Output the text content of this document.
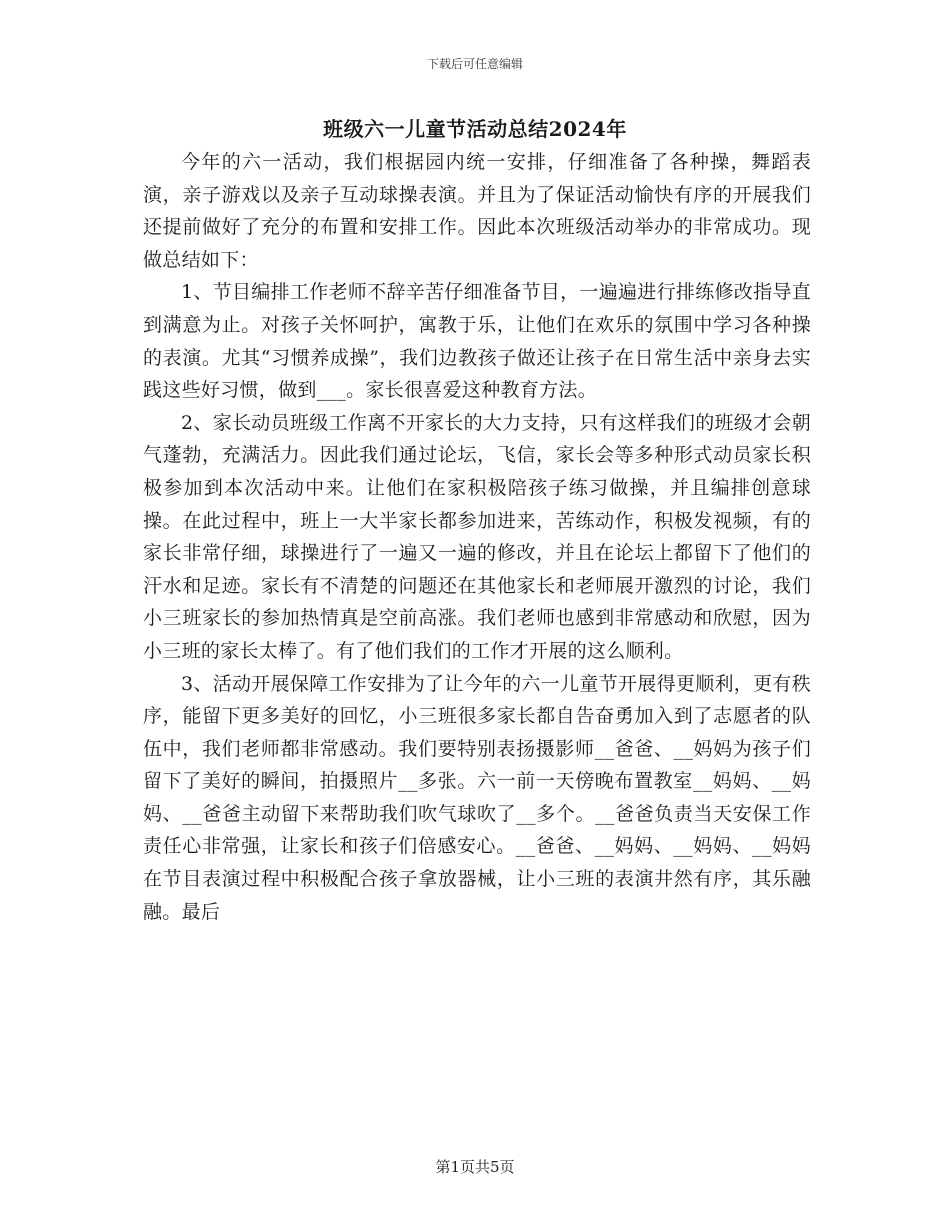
下载后可任意编辑
班级六一儿童节活动总结2024年

今年的六一活动，我们根据园内统一安排，仔细准备了各种操，舞蹈表演，亲子游戏以及亲子互动球操表演。并且为了保证活动愉快有序的开展我们还提前做好了充分的布置和安排工作。因此本次班级活动举办的非常成功。现做总结如下：

1、节目编排工作老师不辞辛苦仔细准备节目，一遍遍进行排练修改指导直到满意为止。对孩子关怀呵护，寓教于乐，让他们在欢乐的氛围中学习各种操的表演。尤其“习惯养成操”，我们边教孩子做还让孩子在日常生活中亲身去实践这些好习惯，做到___。家长很喜爱这种教育方法。

2、家长动员班级工作离不开家长的大力支持，只有这样我们的班级才会朝气蓬勃，充满活力。因此我们通过论坛，飞信，家长会等多种形式动员家长积极参加到本次活动中来。让他们在家积极陪孩子练习做操，并且编排创意球操。在此过程中，班上一大半家长都参加进来，苦练动作，积极发视频，有的家长非常仔细，球操进行了一遍又一遍的修改，并且在论坛上都留下了他们的汗水和足迹。家长有不清楚的问题还在其他家长和老师展开激烈的讨论，我们小三班家长的参加热情真是空前高涨。我们老师也感到非常感动和欣慰，因为小三班的家长太棒了。有了他们我们的工作才开展的这么顺利。

3、活动开展保障工作安排为了让今年的六一儿童节开展得更顺利，更有秩序，能留下更多美好的回忆，小三班很多家长都自告奋勇加入到了志愿者的队伍中，我们老师都非常感动。我们要特别表扬摄影师__爸爸、__妈妈为孩子们留下了美好的瞬间，拍摄照片__多张。六一前一天傍晚布置教室__妈妈、__妈妈、__爸爸主动留下来帮助我们吹气球吹了__多个。__爸爸负责当天安保工作责任心非常强，让家长和孩子们倍感安心。__爸爸、__妈妈、__妈妈、__妈妈在节目表演过程中积极配合孩子拿放器械，让小三班的表演井然有序，其乐融融。最后

第1页共5页
